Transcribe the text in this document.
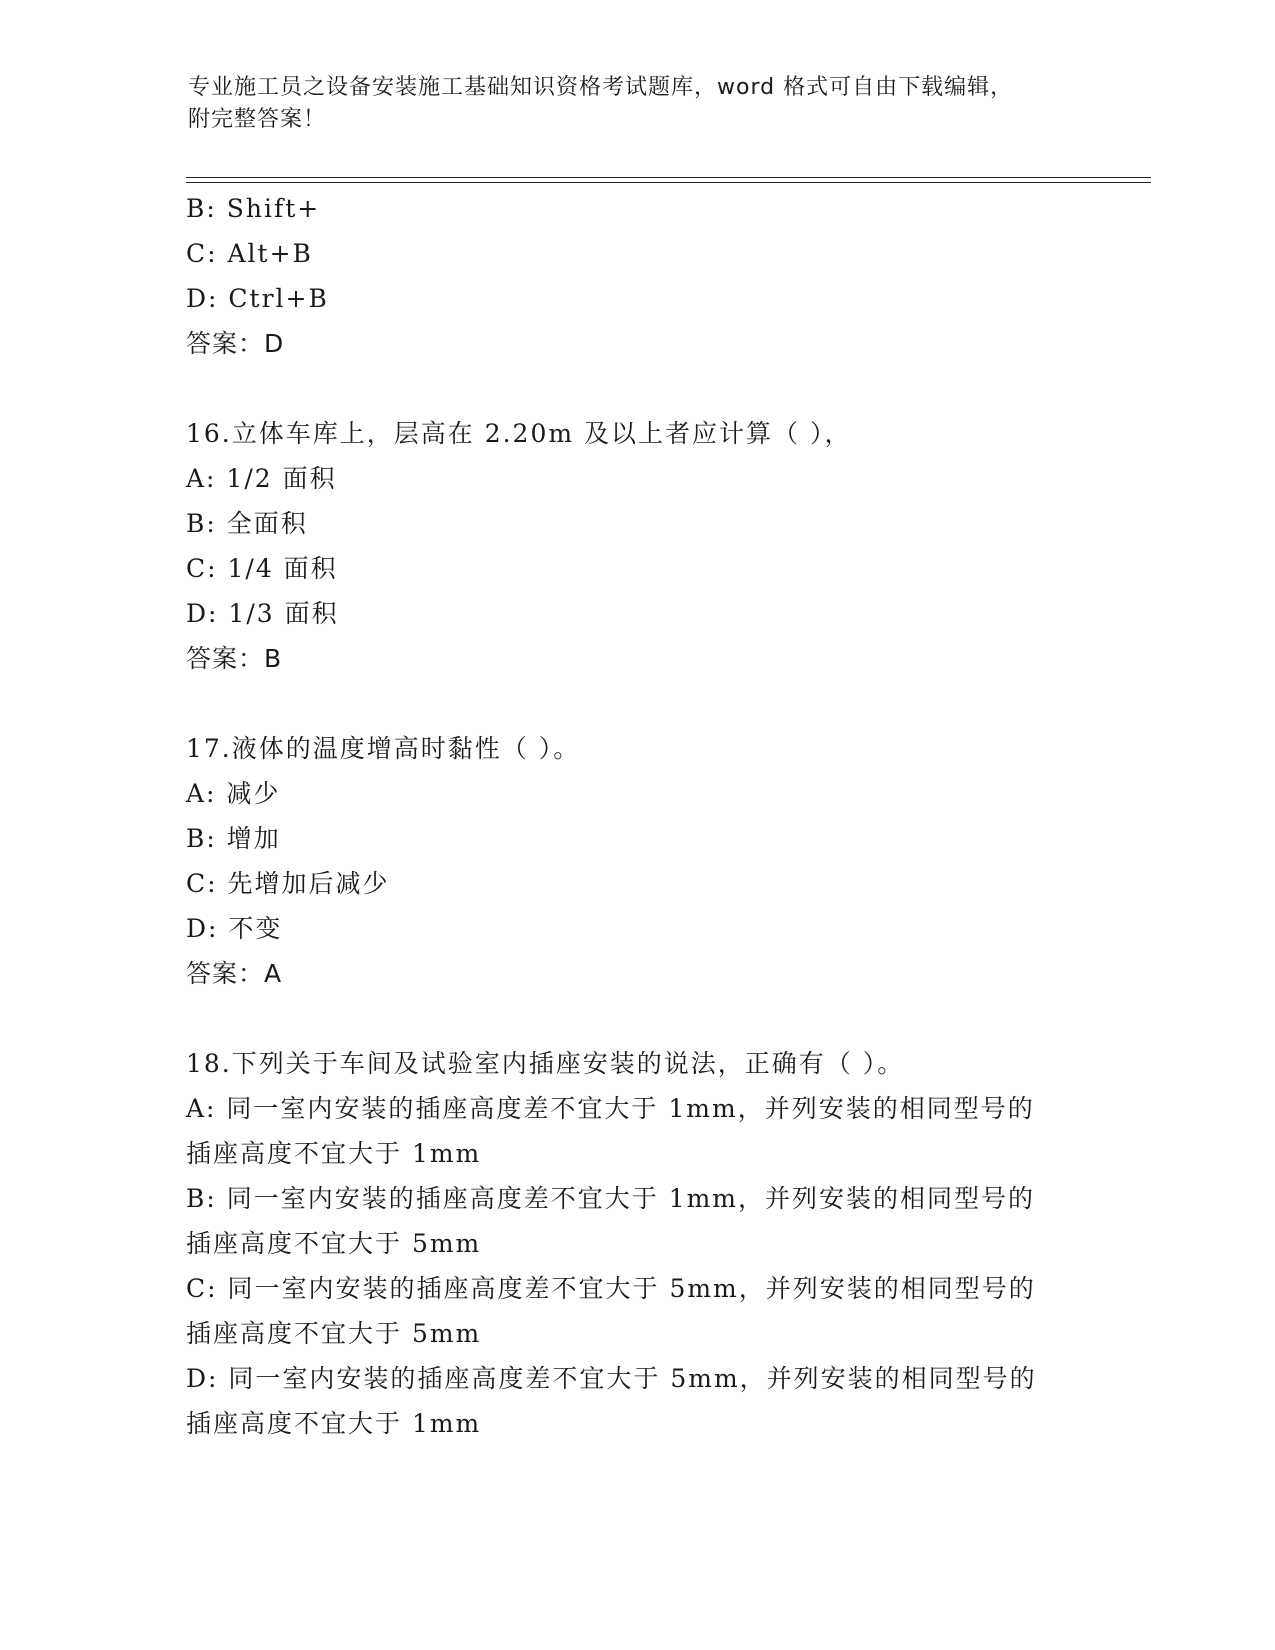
专业施工员之设备安装施工基础知识资格考试题库，word 格式可自由下载编辑，
附完整答案！
B: Shift+
C: Alt+B
D: Ctrl+B
答案：D
16.立体车库上，层高在 2.20m 及以上者应计算（ ），
A: 1/2 面积
B: 全面积
C: 1/4 面积
D: 1/3 面积
答案：B
17.液体的温度增高时黏性（ ）。
A: 减少
B: 增加
C: 先增加后减少
D: 不变
答案：A
18.下列关于车间及试验室内插座安装的说法，正确有（ ）。
A: 同一室内安装的插座高度差不宜大于 1mm，并列安装的相同型号的
插座高度不宜大于 1mm
B: 同一室内安装的插座高度差不宜大于 1mm，并列安装的相同型号的
插座高度不宜大于 5mm
C: 同一室内安装的插座高度差不宜大于 5mm，并列安装的相同型号的
插座高度不宜大于 5mm
D: 同一室内安装的插座高度差不宜大于 5mm，并列安装的相同型号的
插座高度不宜大于 1mm
